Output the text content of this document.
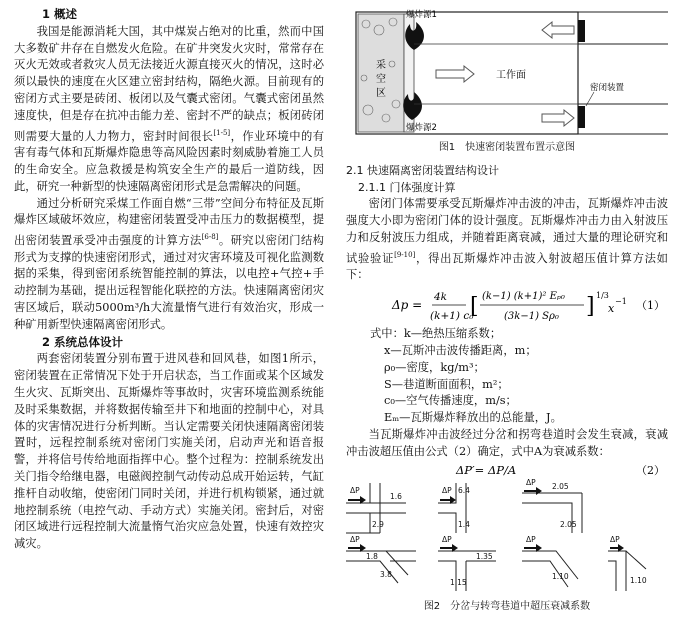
1 概述

我国是能源消耗大国，其中煤炭占绝对的比重，然而中国大多数矿井存在自燃发火危险。在矿井突发火灾时，常常存在灭火无效或者救灾人员无法接近火源直接灭火的情况，这时必须以最快的速度在火区建立密封结构，隔绝火源。目前现有的密闭方式主要是砖闭、板闭以及气囊式密闭。气囊式密闭虽然速度快，但是存在抗冲击能力差、密封不严的缺点；板闭砖闭则需要大量的人力物力，密封时间很长[1-5]，作业环境中的有害有毒气体和瓦斯爆炸隐患等高风险因素时刻威胁着施工人员的生命安全。应急救援是构筑安全生产的最后一道防线，因此，研究一种新型的快速隔离密闭形式是急需解决的问题。

通过分析研究采煤工作面自燃“三带”空间分布特征及瓦斯爆炸区域破坏效应，构建密闭装置受冲击压力的数据模型，提出密闭装置承受冲击强度的计算方法[6-8]。研究以密闭门结构形式为支撑的快速密闭形式，通过对灾害环境及可视化监测数据的采集，得到密闭系统智能控制的算法，以电控+气控+手动控制为基础，提出远程智能化联控的方法。快速隔离密闭灾害区域后，联动5000m³/h大流量惰气进行有效治灾，形成一种矿用新型快速隔离密闭形式。

2 系统总体设计

两套密闭装置分别布置于进风巷和回风巷，如图1所示，密闭装置在正常情况下处于开启状态，当工作面或某个区域发生火灾、瓦斯突出、瓦斯爆炸等事故时，灾害环境监测系统能及时采集数据，并将数据传输至井下和地面的控制中心，对具体的灾害情况进行分析判断。当认定需要关闭快速隔离密闭装置时，远程控制系统对密闭门实施关闭，启动声光和语音报警，并将信号传给地面指挥中心。整个过程为：控制系统发出关门指令给继电器，电磁阀控制气动传动总成开始运转，气缸推杆自动收缩，使密闭门同时关闭，并进行机构锁紧，通过就地控制系统（电控气动、手动方式）实施关闭。密封后，对密闭区域进行远程控制大流量惰气治灾应急处置，快速有效控灾减灾。

爆炸源1
爆炸源2
采
空
区
工作面
密闭装置
图1　快速密闭装置布置示意图
2.1 快速隔离密闭装置结构设计
2.1.1 门体强度计算

密闭门体需要承受瓦斯爆炸冲击波的冲击，瓦斯爆炸冲击波强度大小即为密闭门体的设计强度。瓦斯爆炸冲击力由入射波压力和反射波压力组成，并随着距离衰减，通过大量的理论研究和试验验证[9-10]，得出瓦斯爆炸冲击波入射波超压值计算方法如下：

Δp =
4k
(k+1) c₀
[ (k−1) (k+1)² Eₚ₀
(3k−1) Sρ₀ ] 1/3
x
−1 （1）
式中：k—绝热压缩系数；
x—瓦斯冲击波传播距离，m；
ρ₀—密度，kg/m³；
S—巷道断面面积，m²；
c₀—空气传播速度，m/s；
Eₘ—瓦斯爆炸释放出的总能量，J。

当瓦斯爆炸冲击波经过分岔和拐弯巷道时会发生衰减，衰减冲击波超压值由公式（2）确定，式中A为衰减系数：

ΔP′= ΔP/A	（2）
ΔP	ΔP
ΔP
ΔP	ΔP	ΔP	ΔP
1.6
2.9
6.4
1.4
2.05
2.05
1.8
3.8
1.35
1.15
1.10	1.10
图2　分岔与转弯巷道中超压衰减系数
